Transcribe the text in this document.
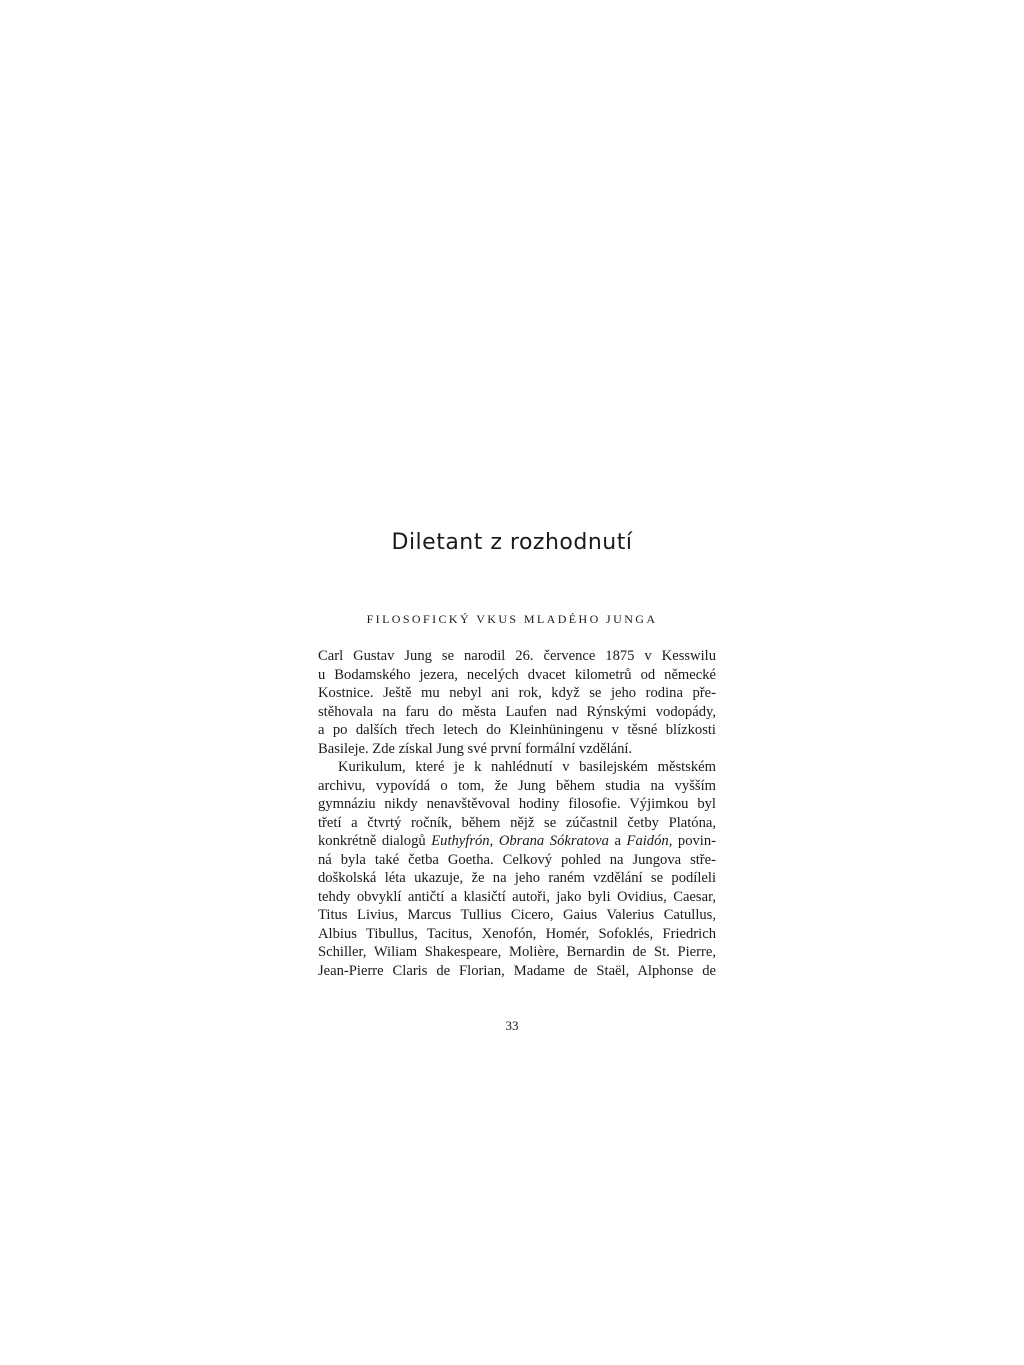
Diletant z rozhodnutí
FILOSOFICKÝ VKUS MLADÉHO JUNGA
Carl Gustav Jung se narodil 26. července 1875 v Kesswilu
u Bodamského jezera, necelých dvacet kilometrů od německé
Kostnice. Ještě mu nebyl ani rok, když se jeho rodina pře-
stěhovala na faru do města Laufen nad Rýnskými vodopády,
a po dalších třech letech do Kleinhüningenu v těsné blízkosti
Basileje. Zde získal Jung své první formální vzdělání.
Kurikulum, které je k nahlédnutí v basilejském městském
archivu, vypovídá o tom, že Jung během studia na vyšším
gymnáziu nikdy nenavštěvoval hodiny filosofie. Výjimkou byl
třetí a čtvrtý ročník, během nějž se zúčastnil četby Platóna,
konkrétně dialogů Euthyfrón, Obrana Sókratova a Faidón, povin-
ná byla také četba Goetha. Celkový pohled na Jungova stře-
doškolská léta ukazuje, že na jeho raném vzdělání se podíleli
tehdy obvyklí antičtí a klasičtí autoři, jako byli Ovidius, Caesar,
Titus Livius, Marcus Tullius Cicero, Gaius Valerius Catullus,
Albius Tibullus, Tacitus, Xenofón, Homér, Sofoklés, Friedrich
Schiller, Wiliam Shakespeare, Molière, Bernardin de St. Pierre,
Jean-Pierre Claris de Florian, Madame de Staël, Alphonse de
33
